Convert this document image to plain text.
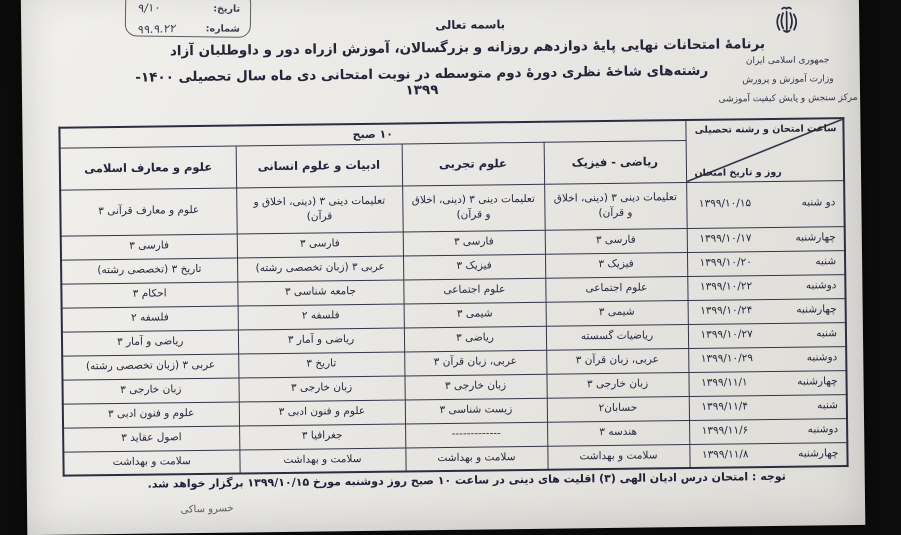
تاریخ:
۹/۱۰
شماره:
۹۹.۹.۲۲	باسمه تعالی
برنامهٔ امتحانات نهایی پایهٔ دوازدهم روزانه و بزرگسالان، آموزش ازراه دور و داوطلبان آزاد
رشته‌های شاخهٔ نظری دورهٔ دوم متوسطه در نوبت امتحانی دی ماه سال تحصیلی ۱۴۰۰- ۱۳۹۹
جمهوری اسلامی ایران
وزارت آموزش و پرورش
مرکز سنجش و پایش کیفیت آموزشی
ساعت امتحان و رشته تحصیلی
روز و تاریخ امتحان	۱۰ صبح			
	ریاضی - فیزیک	علوم تجربی	ادبیات و علوم انسانی	علوم و معارف اسلامی

دو شنبه
۱۳۹۹/۱۰/۱۵	تعلیمات دینی ۳ (دینی، اخلاق و قرآن)	تعلیمات دینی ۳ (دینی، اخلاق و قرآن)	تعلیمات دینی ۳ (دینی، اخلاق و قرآن)	علوم و معارف قرآنی ۳

چهارشنبه
۱۳۹۹/۱۰/۱۷	فارسی ۳	فارسی ۳	فارسی ۳	فارسی ۳

شنبه
۱۳۹۹/۱۰/۲۰	فیزیک ۳	فیزیک ۳	عربی ۳ (زبان تخصصی رشته)	تاریخ ۳ (تخصصی رشته)

دوشنبه
۱۳۹۹/۱۰/۲۲	علوم اجتماعی	علوم اجتماعی	جامعه شناسی ۳	احکام ۳

چهارشنبه
۱۳۹۹/۱۰/۲۴	شیمی ۳	شیمی ۳	فلسفه ۲	فلسفه ۲

شنبه
۱۳۹۹/۱۰/۲۷	ریاضیات گسسته	ریاضی ۳	ریاضی و آمار ۳	ریاضی و آمار ۳

دوشنبه
۱۳۹۹/۱۰/۲۹	عربی، زبان قرآن ۳	عربی، زبان قرآن ۳	تاریخ ۳	عربی ۳ (زبان تخصصی رشته)

چهارشنبه
۱۳۹۹/۱۱/۱	زبان خارجی ۳	زبان خارجی ۳	زبان خارجی ۳	زبان خارجی ۳

شنبه
۱۳۹۹/۱۱/۴	حسابان۲	زیست شناسی ۳	علوم و فنون ادبی ۳	علوم و فنون ادبی ۳

دوشنبه
۱۳۹۹/۱۱/۶	هندسه ۳	-------------	جغرافیا ۳	اصول عقاید ۳

چهارشنبه
۱۳۹۹/۱۱/۸	سلامت و بهداشت	سلامت و بهداشت	سلامت و بهداشت	سلامت و بهداشت
توجه : امتحان درس ادیان الهی (۳) اقلیت های دینی در ساعت ۱۰ صبح روز دوشنبه مورخ ۱۳۹۹/۱۰/۱۵ برگزار خواهد شد.
خسرو ساکی
